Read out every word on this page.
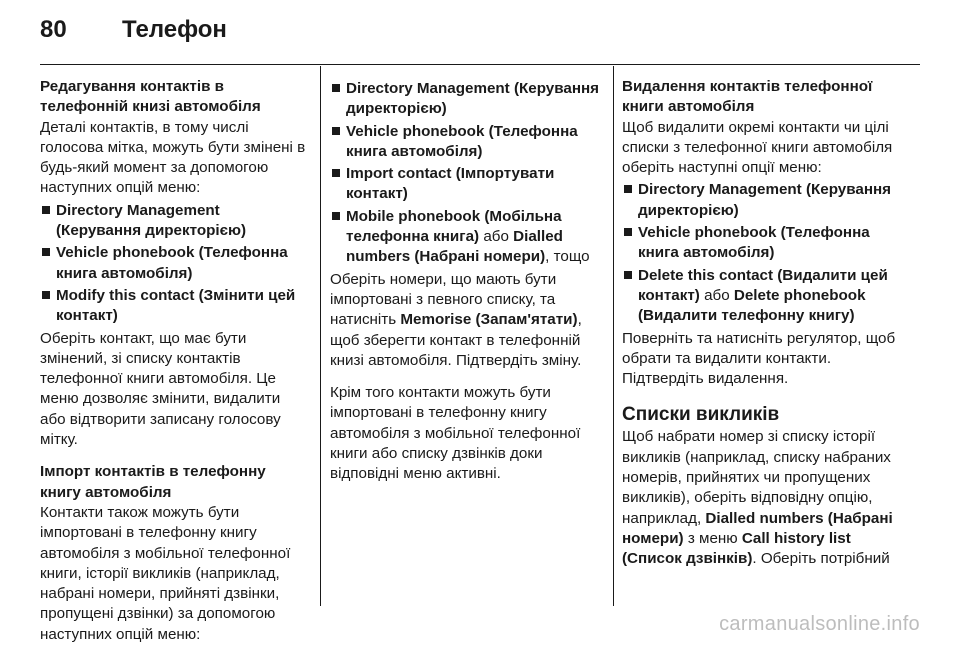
80 Телефон

Редагування контактів в телефонній книзі автомобіля

Деталі контактів, в тому числі голосова мітка, можуть бути змінені в будь-який момент за допомогою наступних опцій меню:

Directory Management (Керування директорією)
Vehicle phonebook (Телефонна книга автомобіля)
Modify this contact (Змінити цей контакт)

Оберіть контакт, що має бути змінений, зі списку контактів телефонної книги автомобіля. Це меню дозволяє змінити, видалити або відтворити записану голосову мітку.

Імпорт контактів в телефонну книгу автомобіля

Контакти також можуть бути імпортовані в телефонну книгу автомобіля з мобільної телефонної книги, історії викликів (наприклад, набрані номери, прийняті дзвінки, пропущені дзвінки) за допомогою наступних опцій меню:

Directory Management (Керування директорією)
Vehicle phonebook (Телефонна книга автомобіля)
Import contact (Імпортувати контакт)
Mobile phonebook (Мобільна телефонна книга) або Dialled numbers (Набрані номери), тощо

Оберіть номери, що мають бути імпортовані з певного списку, та натисніть Memorise (Запам'ятати), щоб зберегти контакт в телефонній книзі автомобіля. Підтвердіть зміну.

Крім того контакти можуть бути імпортовані в телефонну книгу автомобіля з мобільної телефонної книги або списку дзвінків доки відповідні меню активні.

Видалення контактів телефонної книги автомобіля

Щоб видалити окремі контакти чи цілі списки з телефонної книги автомобіля оберіть наступні опції меню:

Directory Management (Керування директорією)
Vehicle phonebook (Телефонна книга автомобіля)
Delete this contact (Видалити цей контакт) або Delete phonebook (Видалити телефонну книгу)

Поверніть та натисніть регулятор, щоб обрати та видалити контакти. Підтвердіть видалення.

Списки викликів

Щоб набрати номер зі списку історії викликів (наприклад, списку набраних номерів, прийнятих чи пропущених викликів), оберіть відповідну опцію, наприклад, Dialled numbers (Набрані номери) з меню Call history list (Список дзвінків). Оберіть потрібний

carmanualsonline.info
